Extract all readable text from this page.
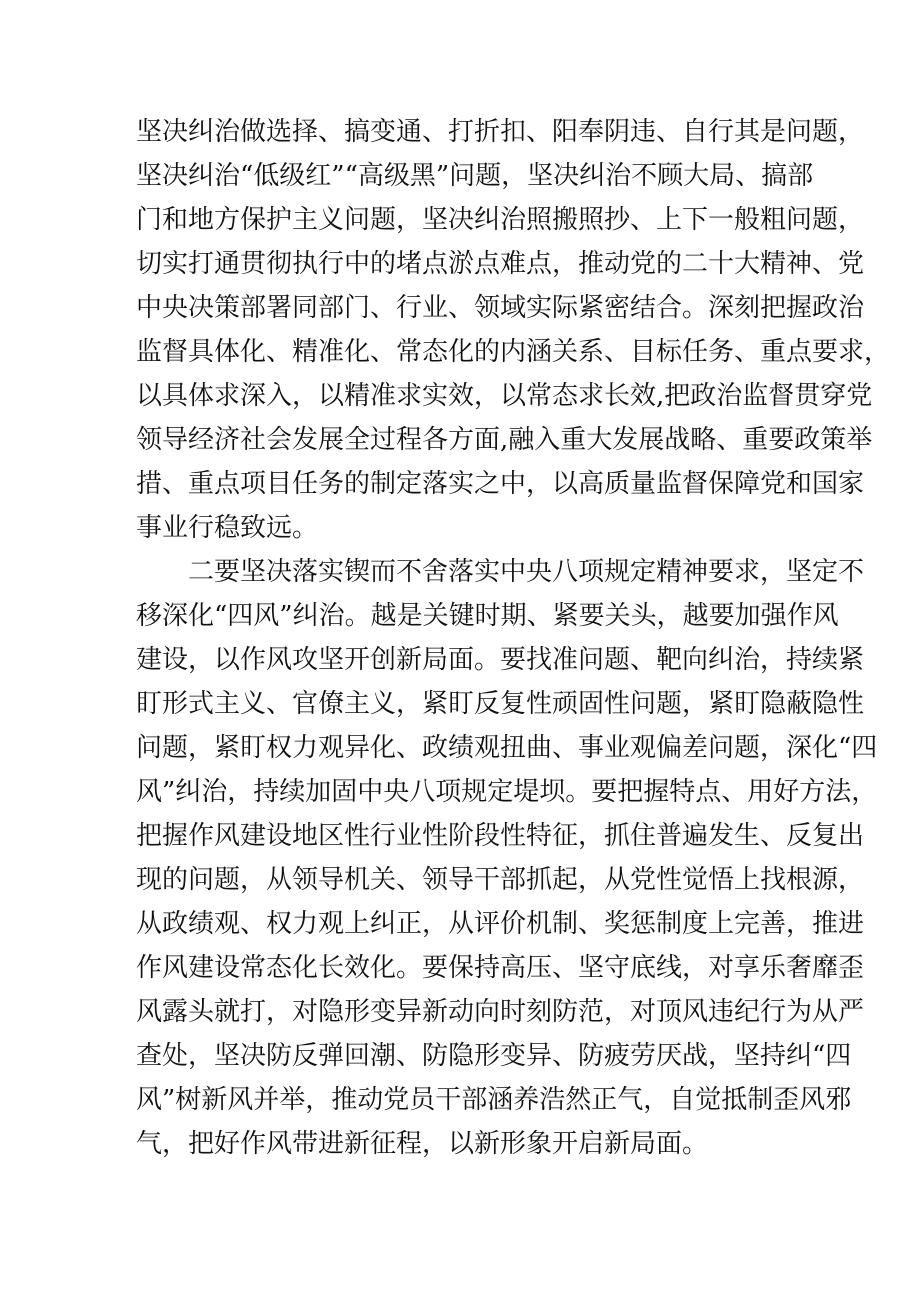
坚决纠治做选择、搞变通、打折扣、阳奉阴违、自行其是问题，
坚决纠治“低级红”“高级黑”问题，坚决纠治不顾大局、搞部
门和地方保护主义问题，坚决纠治照搬照抄、上下一般粗问题，
切实打通贯彻执行中的堵点淤点难点，推动党的二十大精神、党
中央决策部署同部门、行业、领域实际紧密结合。深刻把握政治
监督具体化、精准化、常态化的内涵关系、目标任务、重点要求，
以具体求深入，以精准求实效，以常态求长效,把政治监督贯穿党
领导经济社会发展全过程各方面,融入重大发展战略、重要政策举
措、重点项目任务的制定落实之中，以高质量监督保障党和国家
事业行稳致远。
二要坚决落实锲而不舍落实中央八项规定精神要求，坚定不
移深化“四风”纠治。越是关键时期、紧要关头，越要加强作风
建设，以作风攻坚开创新局面。要找准问题、靶向纠治，持续紧
盯形式主义、官僚主义，紧盯反复性顽固性问题，紧盯隐蔽隐性
问题，紧盯权力观异化、政绩观扭曲、事业观偏差问题，深化“四
风”纠治，持续加固中央八项规定堤坝。要把握特点、用好方法，
把握作风建设地区性行业性阶段性特征，抓住普遍发生、反复出
现的问题，从领导机关、领导干部抓起，从党性觉悟上找根源，
从政绩观、权力观上纠正，从评价机制、奖惩制度上完善，推进
作风建设常态化长效化。要保持高压、坚守底线，对享乐奢靡歪
风露头就打，对隐形变异新动向时刻防范，对顶风违纪行为从严
查处，坚决防反弹回潮、防隐形变异、防疲劳厌战，坚持纠“四
风”树新风并举，推动党员干部涵养浩然正气，自觉抵制歪风邪
气，把好作风带进新征程，以新形象开启新局面。
